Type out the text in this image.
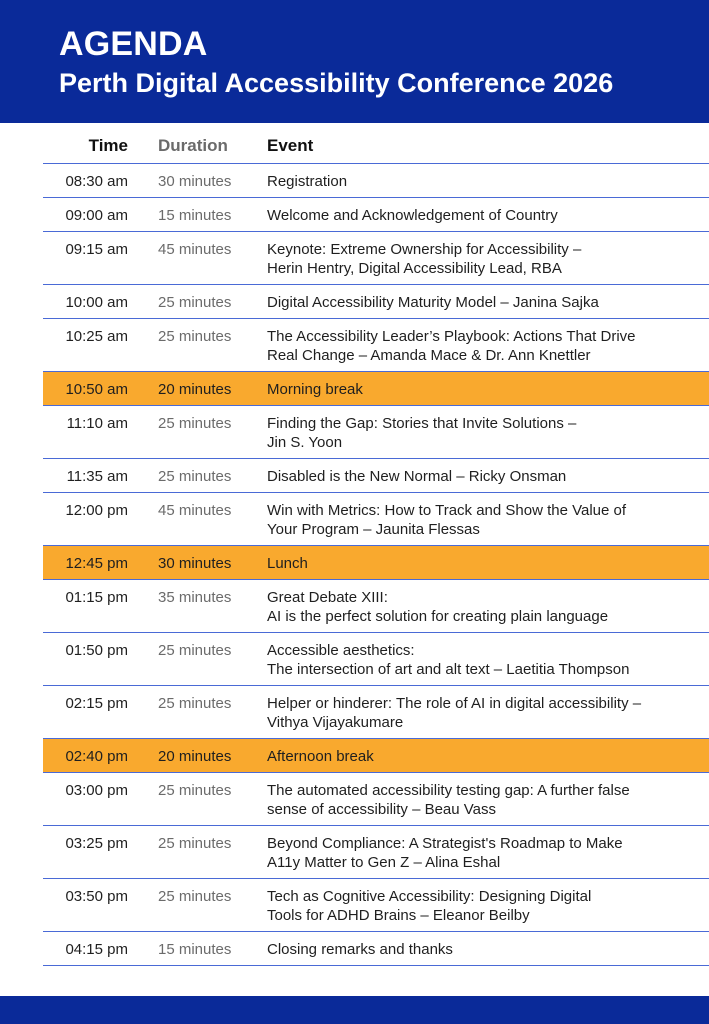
AGENDA
Perth Digital Accessibility Conference 2026
Time Duration Event
08:30 am 30 minutes Registration
09:00 am 15 minutes Welcome and Acknowledgement of Country
09:15 am 45 minutes Keynote: Extreme Ownership for Accessibility –
Herin Hentry, Digital Accessibility Lead, RBA
10:00 am 25 minutes Digital Accessibility Maturity Model – Janina Sajka
10:25 am 25 minutes The Accessibility Leader’s Playbook: Actions That Drive
Real Change – Amanda Mace & Dr. Ann Knettler
10:50 am 20 minutes Morning break
11:10 am 25 minutes Finding the Gap: Stories that Invite Solutions –
Jin S. Yoon
11:35 am 25 minutes Disabled is the New Normal – Ricky Onsman
12:00 pm 45 minutes Win with Metrics: How to Track and Show the Value of
Your Program – Jaunita Flessas
12:45 pm 30 minutes Lunch
01:15 pm 35 minutes Great Debate XIII:
AI is the perfect solution for creating plain language
01:50 pm 25 minutes Accessible aesthetics:
The intersection of art and alt text – Laetitia Thompson
02:15 pm 25 minutes Helper or hinderer: The role of AI in digital accessibility –
Vithya Vijayakumare
02:40 pm 20 minutes Afternoon break
03:00 pm 25 minutes The automated accessibility testing gap: A further false
sense of accessibility – Beau Vass
03:25 pm 25 minutes Beyond Compliance: A Strategist's Roadmap to Make
A11y Matter to Gen Z – Alina Eshal
03:50 pm 25 minutes Tech as Cognitive Accessibility: Designing Digital
Tools for ADHD Brains – Eleanor Beilby
04:15 pm 15 minutes Closing remarks and thanks
